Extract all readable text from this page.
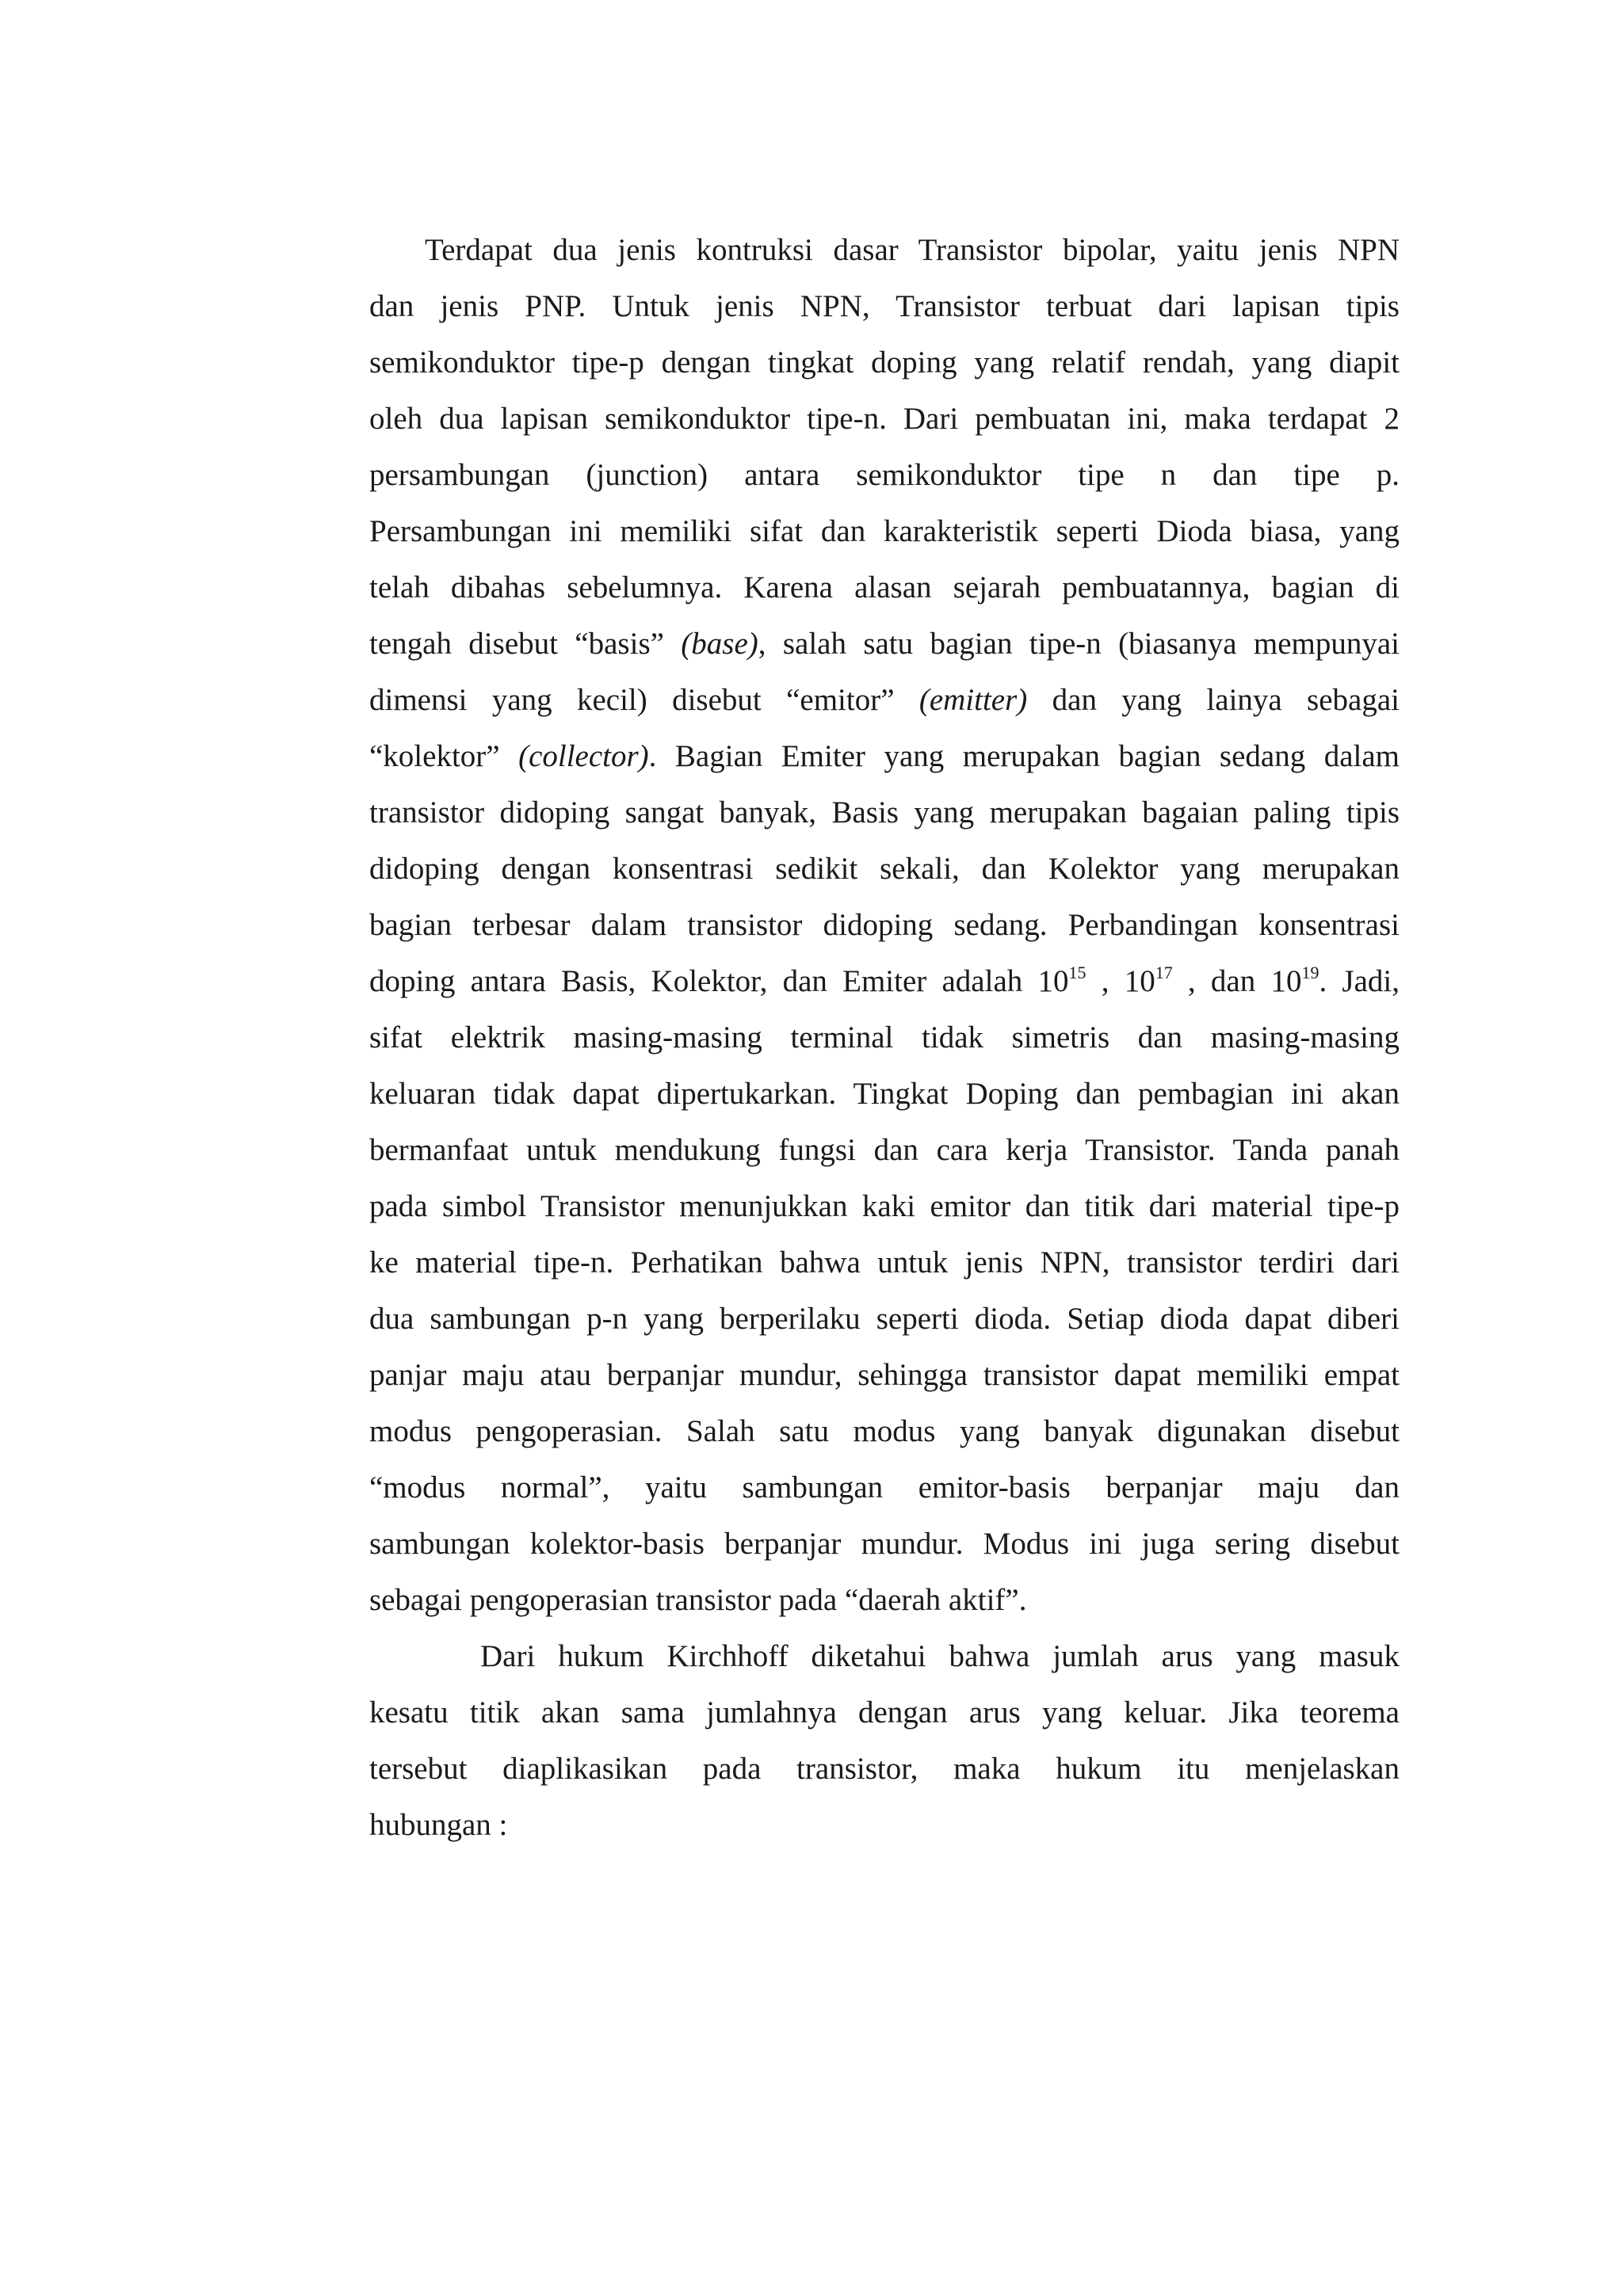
Terdapat dua jenis kontruksi dasar Transistor bipolar, yaitu jenis NPN
dan jenis PNP. Untuk jenis NPN, Transistor terbuat dari lapisan tipis
semikonduktor tipe-p dengan tingkat doping yang relatif rendah, yang diapit
oleh dua lapisan semikonduktor tipe-n. Dari pembuatan ini, maka terdapat 2
persambungan (junction) antara semikonduktor tipe n dan tipe p.
Persambungan ini memiliki sifat dan karakteristik seperti Dioda biasa, yang
telah dibahas sebelumnya. Karena alasan sejarah pembuatannya, bagian di
tengah disebut “basis” (base), salah satu bagian tipe-n (biasanya mempunyai
dimensi yang kecil) disebut “emitor” (emitter) dan yang lainya sebagai
“kolektor” (collector). Bagian Emiter yang merupakan bagian sedang dalam
transistor didoping sangat banyak, Basis yang merupakan bagaian paling tipis
didoping dengan konsentrasi sedikit sekali, dan Kolektor yang merupakan
bagian terbesar dalam transistor didoping sedang. Perbandingan konsentrasi
doping antara Basis, Kolektor, dan Emiter adalah $10^{15}$ , $10^{17}$ , dan $10^{19}$. Jadi,
sifat elektrik masing-masing terminal tidak simetris dan masing-masing
keluaran tidak dapat dipertukarkan. Tingkat Doping dan pembagian ini akan
bermanfaat untuk mendukung fungsi dan cara kerja Transistor. Tanda panah
pada simbol Transistor menunjukkan kaki emitor dan titik dari material tipe-p
ke material tipe-n. Perhatikan bahwa untuk jenis NPN, transistor terdiri dari
dua sambungan p-n yang berperilaku seperti dioda. Setiap dioda dapat diberi
panjar maju atau berpanjar mundur, sehingga transistor dapat memiliki empat
modus pengoperasian. Salah satu modus yang banyak digunakan disebut
“modus normal”, yaitu sambungan emitor-basis berpanjar maju dan
sambungan kolektor-basis berpanjar mundur. Modus ini juga sering disebut
sebagai pengoperasian transistor pada “daerah aktif”.
Dari hukum Kirchhoff diketahui bahwa jumlah arus yang masuk
kesatu titik akan sama jumlahnya dengan arus yang keluar. Jika teorema
tersebut diaplikasikan pada transistor, maka hukum itu menjelaskan
hubungan :
